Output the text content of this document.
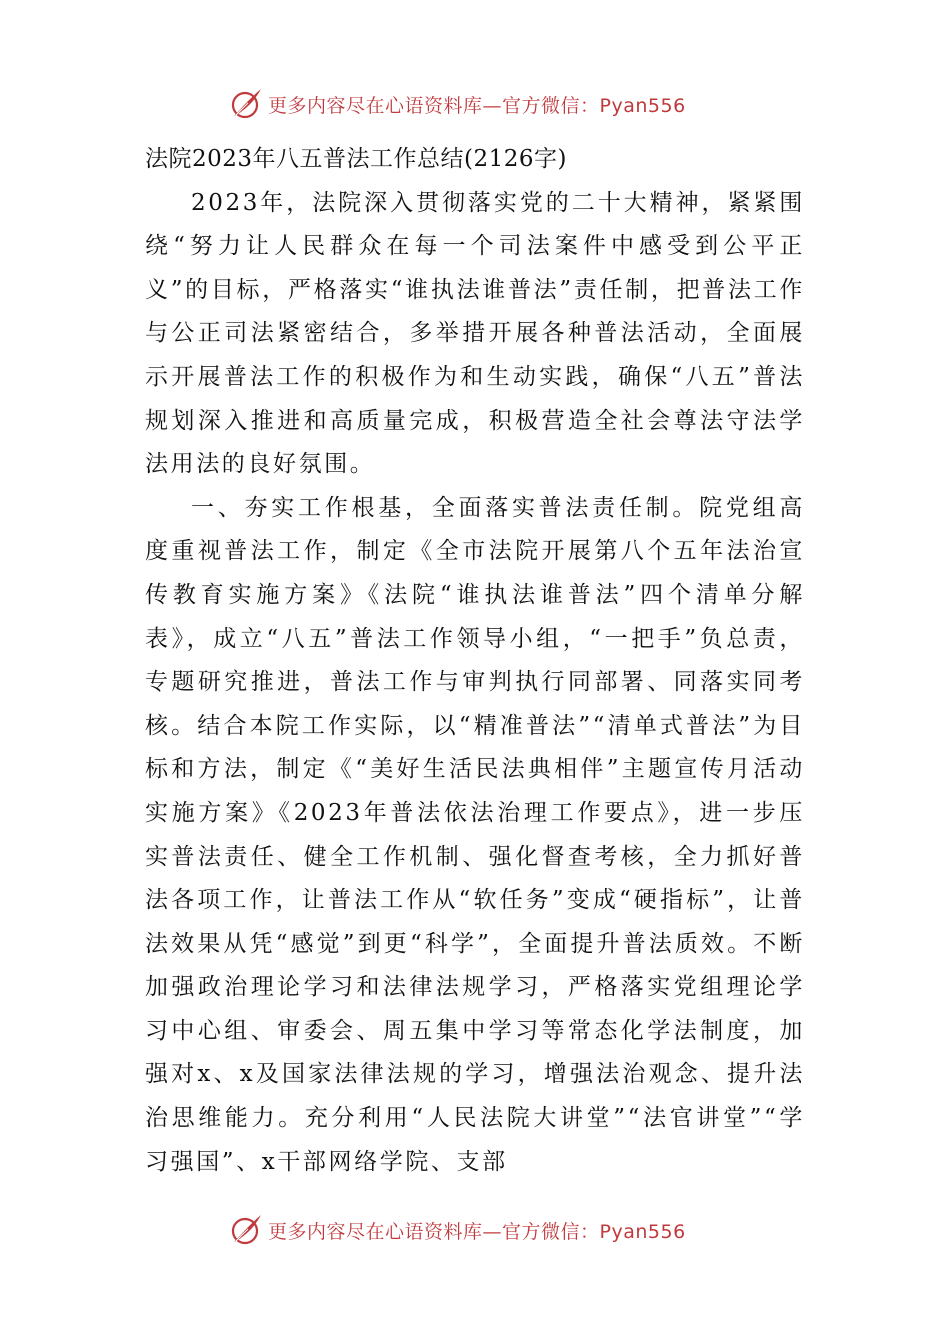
更多内容尽在心语资料库—官方微信：Pyan556

法院2023年八五普法工作总结(2126字)

2023年，法院深入贯彻落实党的二十大精神，紧紧围绕“努力让人民群众在每一个司法案件中感受到公平正义”的目标，严格落实“谁执法谁普法”责任制，把普法工作与公正司法紧密结合，多举措开展各种普法活动，全面展示开展普法工作的积极作为和生动实践，确保“八五”普法规划深入推进和高质量完成，积极营造全社会尊法守法学法用法的良好氛围。

一、夯实工作根基，全面落实普法责任制。院党组高度重视普法工作，制定《全市法院开展第八个五年法治宣传教育实施方案》《法院“谁执法谁普法”四个清单分解表》，成立“八五”普法工作领导小组，“一把手”负总责，专题研究推进，普法工作与审判执行同部署、同落实同考核。结合本院工作实际，以“精准普法”“清单式普法”为目标和方法，制定《“美好生活民法典相伴”主题宣传月活动实施方案》《2023年普法依法治理工作要点》，进一步压实普法责任、健全工作机制、强化督查考核，全力抓好普法各项工作，让普法工作从“软任务”变成“硬指标”，让普法效果从凭“感觉”到更“科学”，全面提升普法质效。不断加强政治理论学习和法律法规学习，严格落实党组理论学习中心组、审委会、周五集中学习等常态化学法制度，加强对x、x及国家法律法规的学习，增强法治观念、提升法治思维能力。充分利用“人民法院大讲堂”“法官讲堂”“学习强国”、x干部网络学院、支部

更多内容尽在心语资料库—官方微信：Pyan556
